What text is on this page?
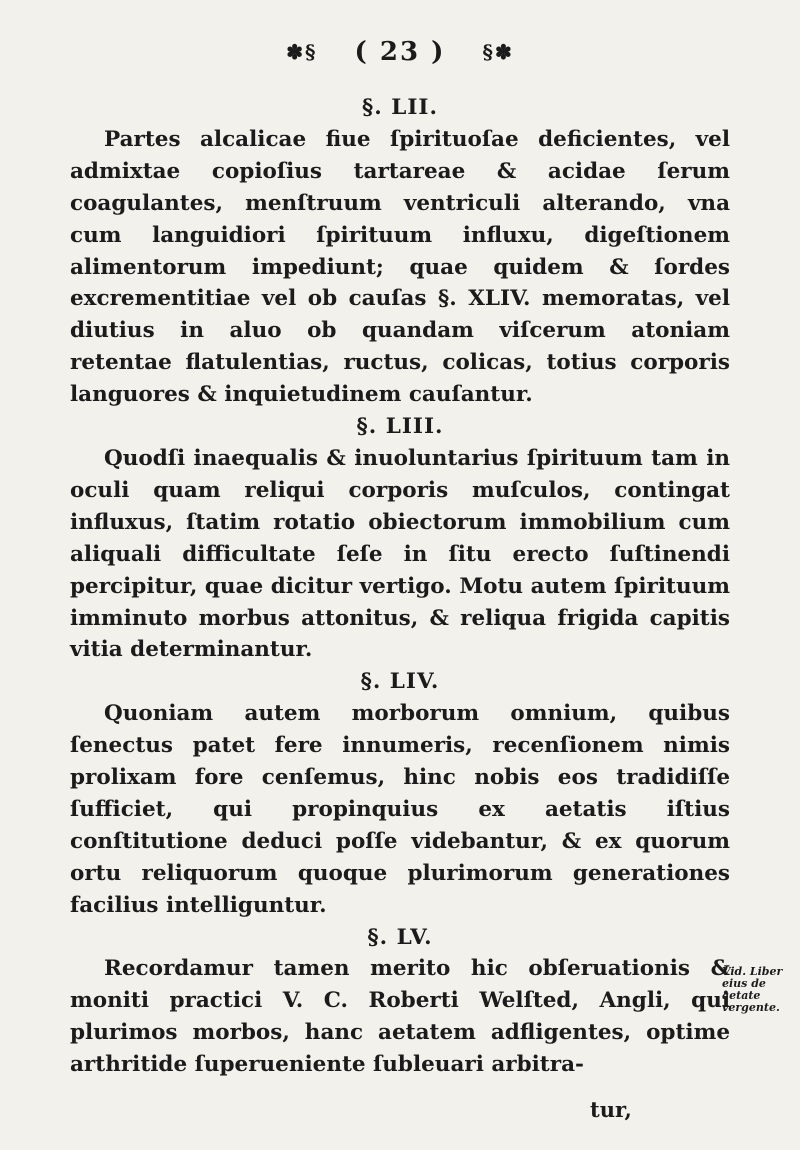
✽§ ( 23 ) §✽
§. LII.

Partes alcalicae fiue ſpirituoſae deficientes, vel admixtae copioſius tartareae & acidae ſerum coagulantes, menſtruum ventriculi alterando, vna cum languidiori ſpirituum influxu, digeſtionem alimentorum impediunt; quae quidem & ſordes excrementitiae vel ob cauſas §. XLIV. memoratas, vel diutius in aluo ob quandam viſcerum atoniam retentae flatulentias, ructus, colicas, totius corporis languores & inquietudinem cauſantur.

§. LIII.

Quodſi inaequalis & inuoluntarius ſpirituum tam in oculi quam reliqui corporis muſculos, contingat influxus, ſtatim rotatio obiectorum immobilium cum aliquali difficultate ſeſe in ſitu erecto ſuſtinendi percipitur, quae dicitur vertigo. Motu autem ſpirituum imminuto morbus attonitus, & reliqua frigida capitis vitia determinantur.

§. LIV.

Quoniam autem morborum omnium, quibus ſenectus patet fere innumeris, recenſionem nimis prolixam fore cenſemus, hinc nobis eos tradidiſſe ſufficiet, qui propinquius ex aetatis iſtius conſtitutione deduci poſſe videbantur, & ex quorum ortu reliquorum quoque plurimorum generationes facilius intelliguntur.

§. LV.

Recordamur tamen merito hic obſeruationis & moniti practici V. C. Roberti Welſted, Angli, qui plurimos morbos, hanc aetatem adfligentes, optime arthritide ſuperueniente ſubleuari arbitra-

Vid. Liber eius de aetate vergente.
tur,
